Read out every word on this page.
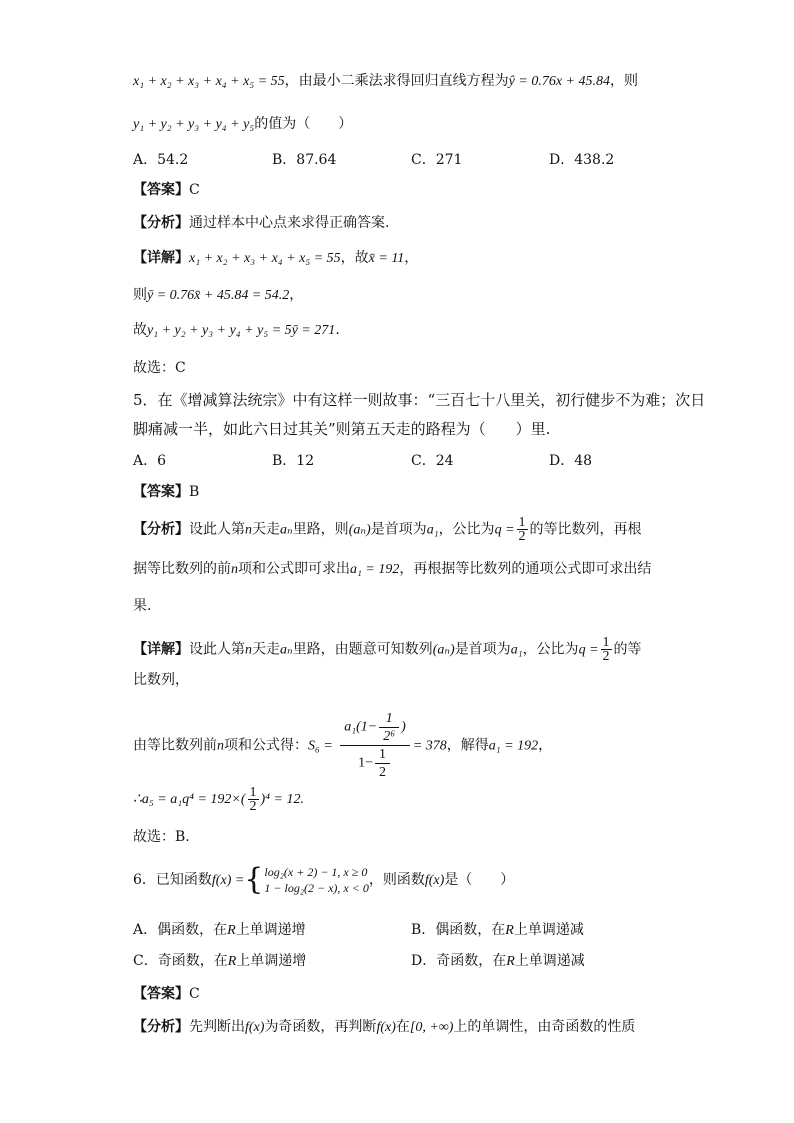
x₁ + x₂ + x₃ + x₄ + x₅ = 55，由最小二乘法求得回归直线方程为ŷ = 0.76x + 45.84，则
y₁ + y₂ + y₃ + y₄ + y₅的值为（　　）
A．54.2	B．87.64	C．271	D．438.2
【答案】C
【分析】通过样本中心点来求得正确答案.
【详解】x₁ + x₂ + x₃ + x₄ + x₅ = 55，故x̄ = 11，
则ȳ = 0.76x̄ + 45.84 = 54.2，
故y₁ + y₂ + y₃ + y₄ + y₅ = 5ȳ = 271.
故选：C
5．在《增减算法统宗》中有这样一则故事：“三百七十八里关，初行健步不为难；次日
脚痛减一半，如此六日过其关”则第五天走的路程为（　　）里.
A．6	B．12	C．24	D．48
【答案】B
【分析】设此人第n天走aₙ里路，则(aₙ)是首项为a₁，公比为$q = \frac{1}{2}$ 的等比数列，再根
据等比数列的前n项和公式即可求出a₁ = 192，再根据等比数列的通项公式即可求出结
果.
【详解】设此人第n天走aₙ里路，由题意可知数列(aₙ)是首项为a₁，公比为$q = \frac{1}{2}$ 的等
比数列，
由等比数列前n项和公式得：$S_6 = \frac{a_1(1- \frac{1}{\text{2⁶}} )}{1- \frac{1}{2}} = 378$，解得a₁ = 192，
∴a₅ = $a_1q^4 = 192\times( \frac{1}{2} )^4 = 12$.
故选：B.
6．已知函数f(x) ={ log₂(x + 2) − 1, x ≥ 0
1 − log₂(2 − x), x < 0 ，则函数f(x)是（　　）
A．偶函数，在R上单调递增	B．偶函数，在R上单调递减
C．奇函数，在R上单调递增	D．奇函数，在R上单调递减
【答案】C
【分析】先判断出f(x)为奇函数，再判断f(x)在[0, +∞)上的单调性，由奇函数的性质
